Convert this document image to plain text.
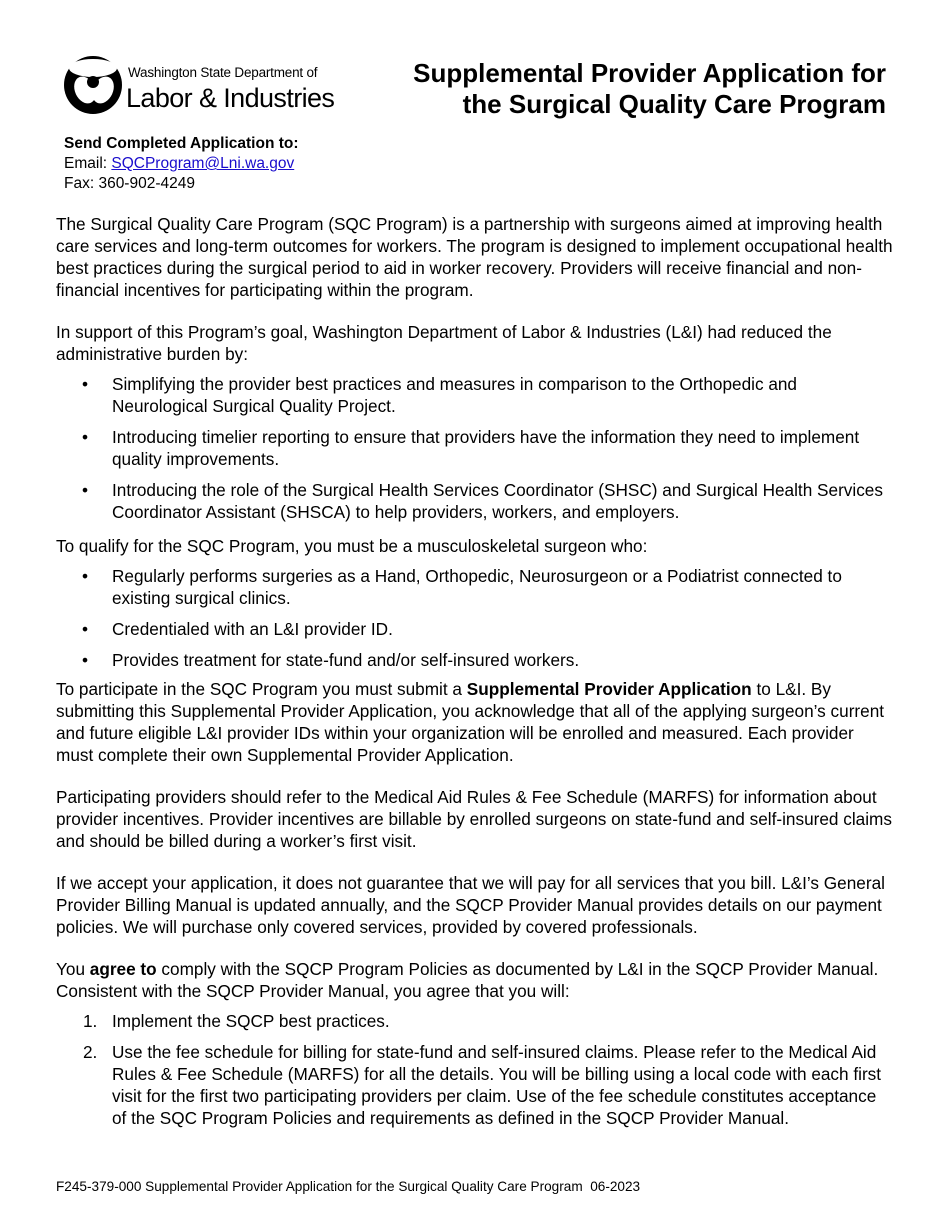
Washington State Department of
Labor & Industries
Supplemental Provider Application for
the Surgical Quality Care Program
Send Completed Application to:
Email: SQCProgram@Lni.wa.gov
Fax: 360-902-4249

The Surgical Quality Care Program (SQC Program) is a partnership with surgeons aimed at improving health care services and long-term outcomes for workers. The program is designed to implement occupational health best practices during the surgical period to aid in worker recovery. Providers will receive financial and non-financial incentives for participating within the program.

In support of this Program’s goal, Washington Department of Labor & Industries (L&I) had reduced the administrative burden by:

• Simplifying the provider best practices and measures in comparison to the Orthopedic and Neurological Surgical Quality Project.
• Introducing timelier reporting to ensure that providers have the information they need to implement quality improvements.
• Introducing the role of the Surgical Health Services Coordinator (SHSC) and Surgical Health Services Coordinator Assistant (SHSCA) to help providers, workers, and employers.

To qualify for the SQC Program, you must be a musculoskeletal surgeon who:

• Regularly performs surgeries as a Hand, Orthopedic, Neurosurgeon or a Podiatrist connected to existing surgical clinics.
• Credentialed with an L&I provider ID.
• Provides treatment for state-fund and/or self-insured workers.

To participate in the SQC Program you must submit a Supplemental Provider Application to L&I. By submitting this Supplemental Provider Application, you acknowledge that all of the applying surgeon’s current and future eligible L&I provider IDs within your organization will be enrolled and measured. Each provider must complete their own Supplemental Provider Application.

Participating providers should refer to the Medical Aid Rules & Fee Schedule (MARFS) for information about provider incentives. Provider incentives are billable by enrolled surgeons on state-fund and self-insured claims and should be billed during a worker’s first visit.

If we accept your application, it does not guarantee that we will pay for all services that you bill. L&I’s General Provider Billing Manual is updated annually, and the SQCP Provider Manual provides details on our payment policies. We will purchase only covered services, provided by covered professionals.

You agree to comply with the SQCP Program Policies as documented by L&I in the SQCP Provider Manual. Consistent with the SQCP Provider Manual, you agree that you will:

1. Implement the SQCP best practices.
2. Use the fee schedule for billing for state-fund and self-insured claims. Please refer to the Medical Aid Rules & Fee Schedule (MARFS) for all the details. You will be billing using a local code with each first visit for the first two participating providers per claim. Use of the fee schedule constitutes acceptance of the SQC Program Policies and requirements as defined in the SQCP Provider Manual.
F245-379-000 Supplemental Provider Application for the Surgical Quality Care Program  06-2023
